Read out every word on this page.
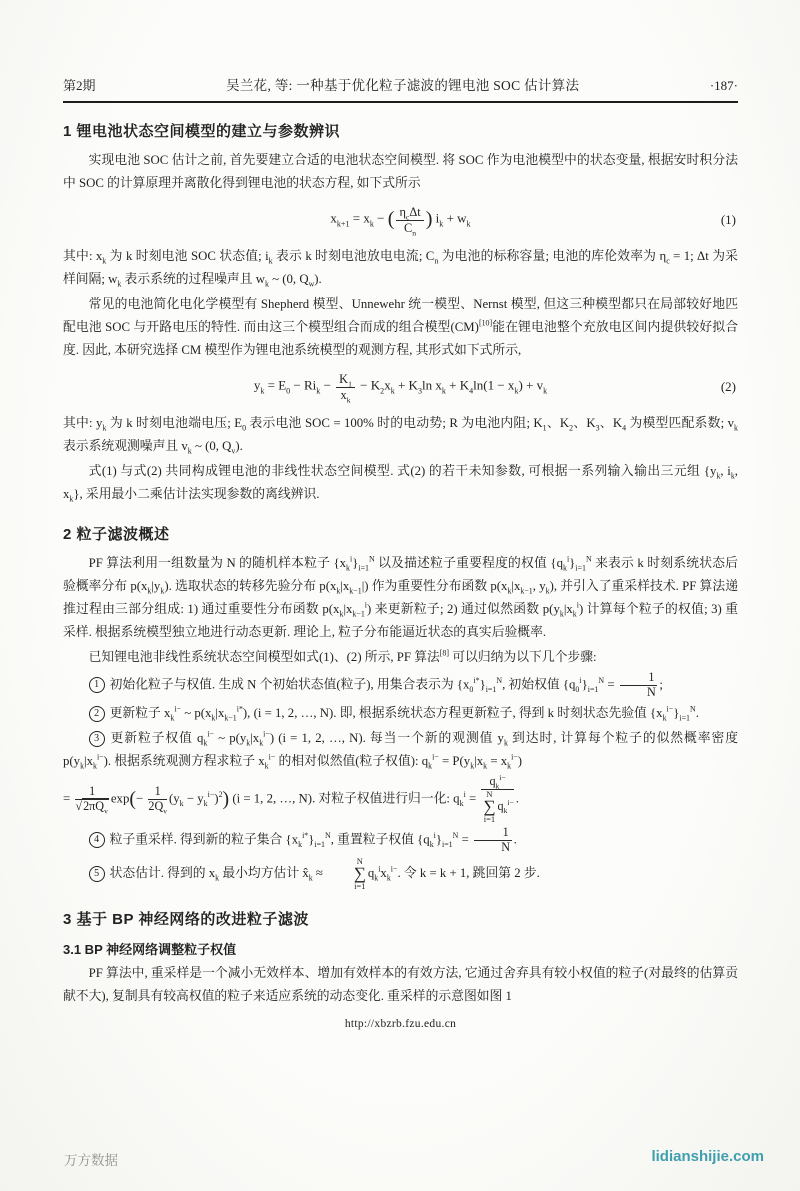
第2期	吴兰花, 等: 一种基于优化粒子滤波的锂电池 SOC 估计算法	·187·
1 锂电池状态空间模型的建立与参数辨识

实现电池 SOC 估计之前, 首先要建立合适的电池状态空间模型. 将 SOC 作为电池模型中的状态变量, 根据安时积分法中 SOC 的计算原理并离散化得到锂电池的状态方程, 如下式所示

$x_{k+1} = x_k$ − ( $\frac{\eta_c\Delta t}{C_n}$ ) $i_k + w_k$	(1)

其中: $x_k$ 为 k 时刻电池 SOC 状态值; $i_k$ 表示 k 时刻电池放电电流; $C_n$ 为电池的标称容量; 电池的库伦效率为 $\eta_c = 1$; Δt 为采样间隔; $w_k$ 表示系统的过程噪声且 $w_k$ ~ (0, $Q_w$).

常见的电池简化电化学模型有 Shepherd 模型、Unnewehr 统一模型、Nernst 模型, 但这三种模型都只在局部较好地匹配电池 SOC 与开路电压的特性. 而由这三个模型组合而成的组合模型(CM)[10]能在锂电池整个充放电区间内提供较好拟合度. 因此, 本研究选择 CM 模型作为锂电池系统模型的观测方程, 其形式如下式所示,

$y_k = E_0 - Ri_k - \frac{K_1}{x_k} - K_2x_k + K_3\ln$ $x_k + K_4\ln(1 - x_k) + v_k$	(2)

其中: $y_k$ 为 k 时刻电池端电压; $E_0$ 表示电池 SOC = 100% 时的电动势; R 为电池内阻; $K_1$、$K_2$、$K_3$、$K_4$ 为模型匹配系数; $v_k$ 表示系统观测噪声且 $v_k$ ~ (0, $Q_v$).

式(1) 与式(2) 共同构成锂电池的非线性状态空间模型. 式(2) 的若干未知参数, 可根据一系列输入输出三元组 {$y_k$, $i_k$, $x_k$}, 采用最小二乘估计法实现参数的离线辨识.

2 粒子滤波概述

PF 算法利用一组数量为 N 的随机样本粒子 $\{x_k^i\}_{i=1}^N$ 以及描述粒子重要程度的权值 $\{q_k^i\}_{i=1}^N$ 来表示 k 时刻系统状态后验概率分布 $p(x_k|y_k)$. 选取状态的转移先验分布 $p(x_k|x_{k-1}|)$ 作为重要性分布函数 $p(x_k|x_{k-1}$, $y_k$), 并引入了重采样技术. PF 算法递推过程由三部分组成: 1) 通过重要性分布函数 $p(x_k|x_{k-1}^i)$ 来更新粒子; 2) 通过似然函数 $p(y_k|x_k^i)$ 计算每个粒子的权值; 3) 重采样. 根据系统模型独立地进行动态更新. 理论上, 粒子分布能逼近状态的真实后验概率.

已知锂电池非线性系统状态空间模型如式(1)、(2) 所示, PF 算法[8] 可以归纳为以下几个步骤:

1 初始化粒子与权值. 生成 N 个初始状态值(粒子), 用集合表示为 $\{x_0^{i*}\}_{i=1}^N$, 初始权值 $\{q_0^i\}_{i=1}^N = \frac{1}{N}$ ;

2 更新粒子 $x_k^{i-}$ ~ $p(x_k|x_{k-1}^{i*})$, (i = 1, 2, …, N). 即, 根据系统状态方程更新粒子, 得到 k 时刻状态先验值 $\{x_k^{i-}\}_{i=1}^N$.

3 更新粒子权值 $q_k^{i-}$ ~ $p(y_k|x_k^{i-}) (i = 1$, 2, …, N). 每当一个新的观测值 $y_k$ 到达时, 计算每个粒子的似然概率密度 $p(y_k|x_k^{i-})$. 根据系统观测方程求粒子 $x_k^{i-}$ 的相对似然值(粒子权值): $q_k^{i-} = P(y_k|x_k = x_k^{i-})$

= $\frac{1}{√2\pi Q_v} \exp(- \frac{1}{2Q_v} (y_k - y_k^{i-})^2) (i = 1$, 2, …, N). 对粒子权值进行归一化: $q_k^i = q_k^{i-}$
N
∑
i=1
$q_k^{i-}$ .

4 粒子重采样. 得到新的粒子集合 $\{x_k^{i*}\}_{i=1}^N$, 重置粒子权值 $\{q_k^i\}_{i=1}^N = \frac{1}{N}$ .

5 状态估计. 得到的 $x_k$ 最小均方估计 $x̂_k$ ≈
N
∑
i=1
$q_k^ix_k^{i-}$. 令 k = k + 1, 跳回第 2 步.

3 基于 BP 神经网络的改进粒子滤波
3.1 BP 神经网络调整粒子权值

PF 算法中, 重采样是一个减小无效样本、增加有效样本的有效方法, 它通过舍弃具有较小权值的粒子(对最终的估算贡献不大), 复制具有较高权值的粒子来适应系统的动态变化. 重采样的示意图如图 1

http://xbzrb.fzu.edu.cn
万方数据	lidianshijie.com
